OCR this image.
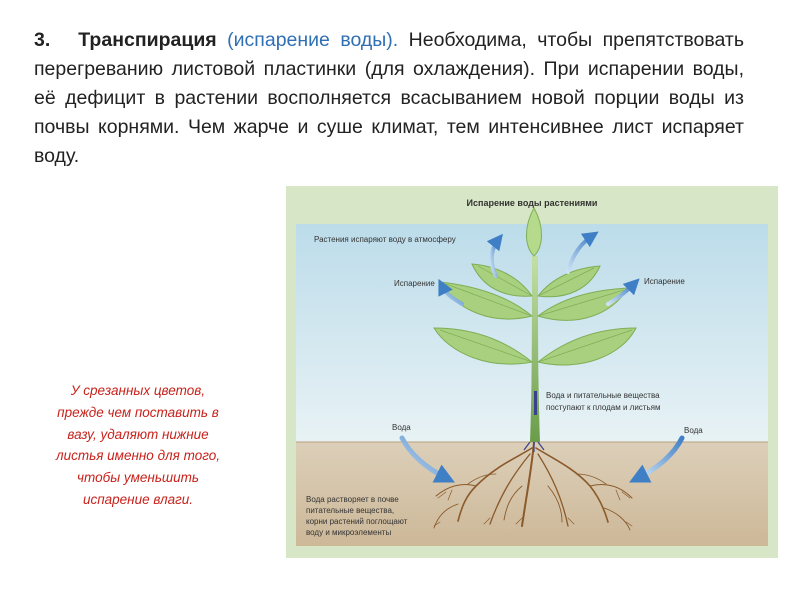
3. Транспирация (испарение воды). Необходима, чтобы препятствовать перегреванию листовой пластинки (для охлаждения). При испарении воды, её дефицит в растении восполняется всасыванием новой порции воды из почвы корнями. Чем жарче и суше климат, тем интенсивнее лист испаряет воду.

У срезанных цветов, прежде чем поставить в вазу, удаляют нижние листья именно для того, чтобы уменьшить испарение влаги.

Испарение воды растениями
Растения испаряют воду в атмосферу
Испарение	Испарение
Вода и питательные вещества
поступают к плодам и листьям
Вода	Вода
Вода растворяет в почве
питательные вещества,
корни растений поглощают
воду и микроэлементы
